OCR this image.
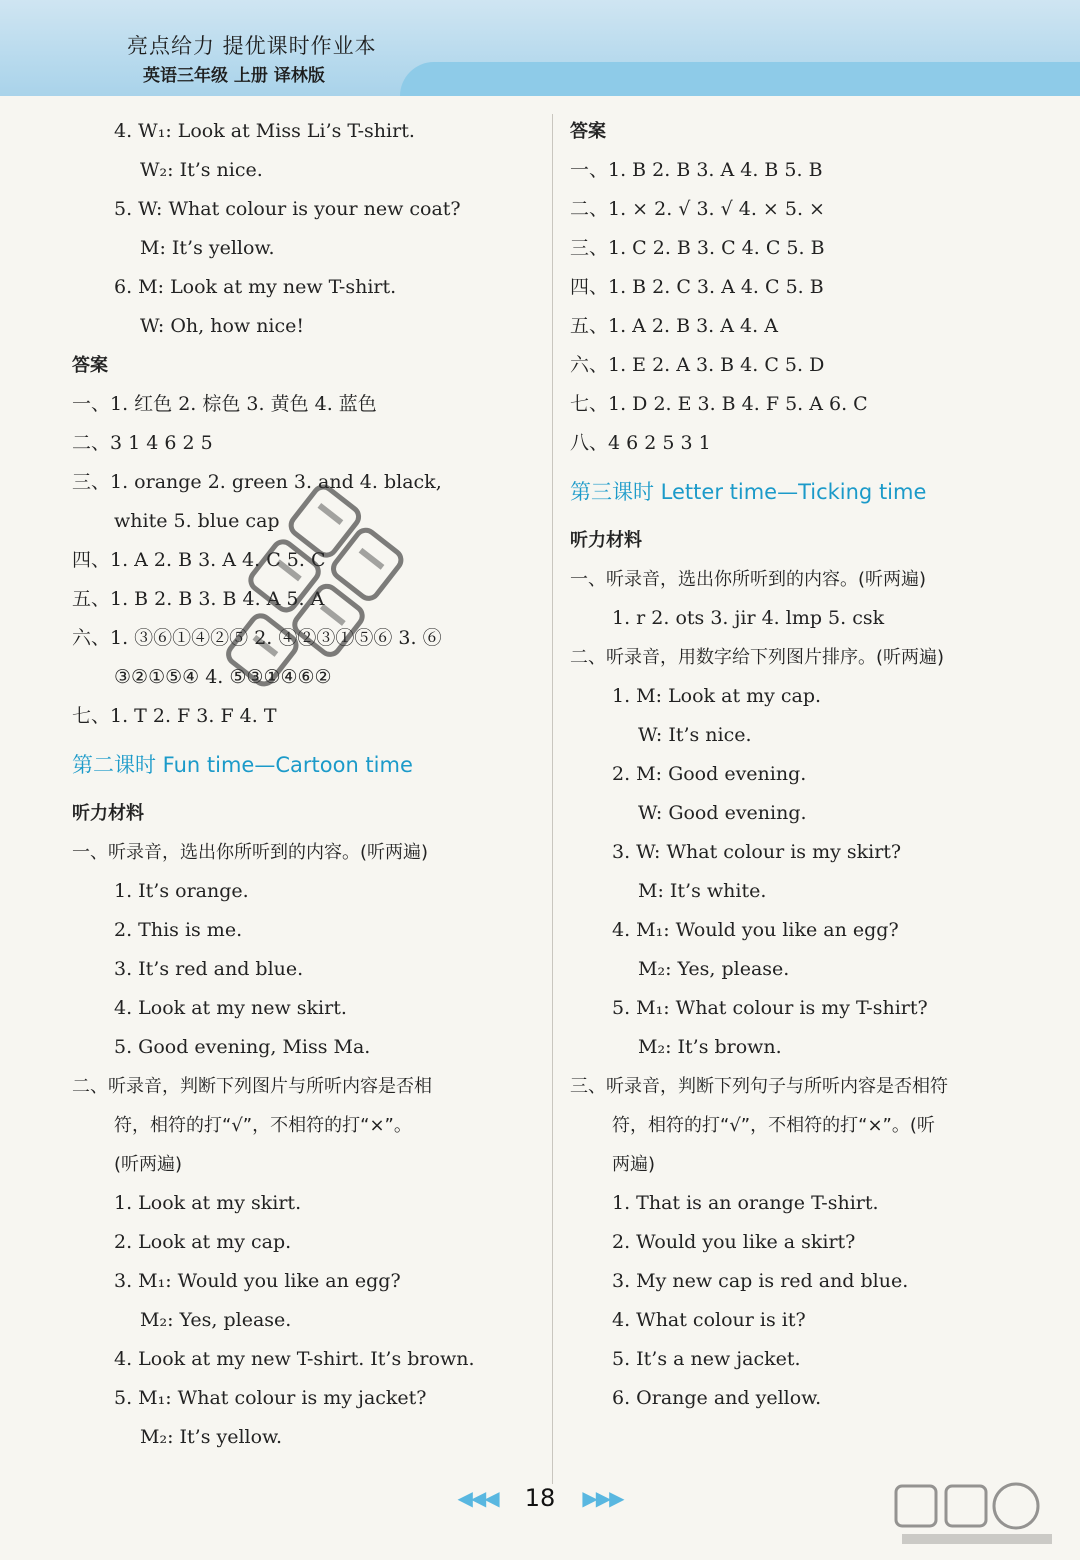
亮点给力 提优课时作业本
英语三年级 上册 译林版
4. W₁: Look at Miss Li’s T-shirt.
W₂: It’s nice.
5. W: What colour is your new coat?
M: It’s yellow.
6. M: Look at my new T-shirt.
W: Oh, how nice!
答案
一、1. 红色 2. 棕色 3. 黄色 4. 蓝色
二、3 1 4 6 2 5
三、1. orange 2. green 3. and 4. black,
white 5. blue cap
四、1. A 2. B 3. A 4. C 5. C
五、1. B 2. B 3. B 4. A 5. A
六、1. ③⑥①④②⑤ 2. ④②③①⑤⑥ 3. ⑥
③②①⑤④ 4. ⑤③①④⑥②
七、1. T 2. F 3. F 4. T
第二课时 Fun time—Cartoon time
听力材料
一、听录音，选出你所听到的内容。(听两遍)
1. It’s orange.
2. This is me.
3. It’s red and blue.
4. Look at my new skirt.
5. Good evening, Miss Ma.
二、听录音，判断下列图片与所听内容是否相
符，相符的打“√”，不相符的打“×”。
(听两遍)
1. Look at my skirt.
2. Look at my cap.
3. M₁: Would you like an egg?
M₂: Yes, please.
4. Look at my new T-shirt. It’s brown.
5. M₁: What colour is my jacket?
M₂: It’s yellow.
答案
一、1. B 2. B 3. A 4. B 5. B
二、1. × 2. √ 3. √ 4. × 5. ×
三、1. C 2. B 3. C 4. C 5. B
四、1. B 2. C 3. A 4. C 5. B
五、1. A 2. B 3. A 4. A
六、1. E 2. A 3. B 4. C 5. D
七、1. D 2. E 3. B 4. F 5. A 6. C
八、4 6 2 5 3 1
第三课时 Letter time—Ticking time
听力材料
一、听录音，选出你所听到的内容。(听两遍)
1. r 2. ots 3. jir 4. lmp 5. csk
二、听录音，用数字给下列图片排序。(听两遍)
1. M: Look at my cap.
W: It’s nice.
2. M: Good evening.
W: Good evening.
3. W: What colour is my skirt?
M: It’s white.
4. M₁: Would you like an egg?
M₂: Yes, please.
5. M₁: What colour is my T-shirt?
M₂: It’s brown.
三、听录音，判断下列句子与所听内容是否相符
符，相符的打“√”，不相符的打“×”。(听
两遍)
1. That is an orange T-shirt.
2. Would you like a skirt?
3. My new cap is red and blue.
4. What colour is it?
5. It’s a new jacket.
6. Orange and yellow.
◀◀◀ 18 ▶▶▶
